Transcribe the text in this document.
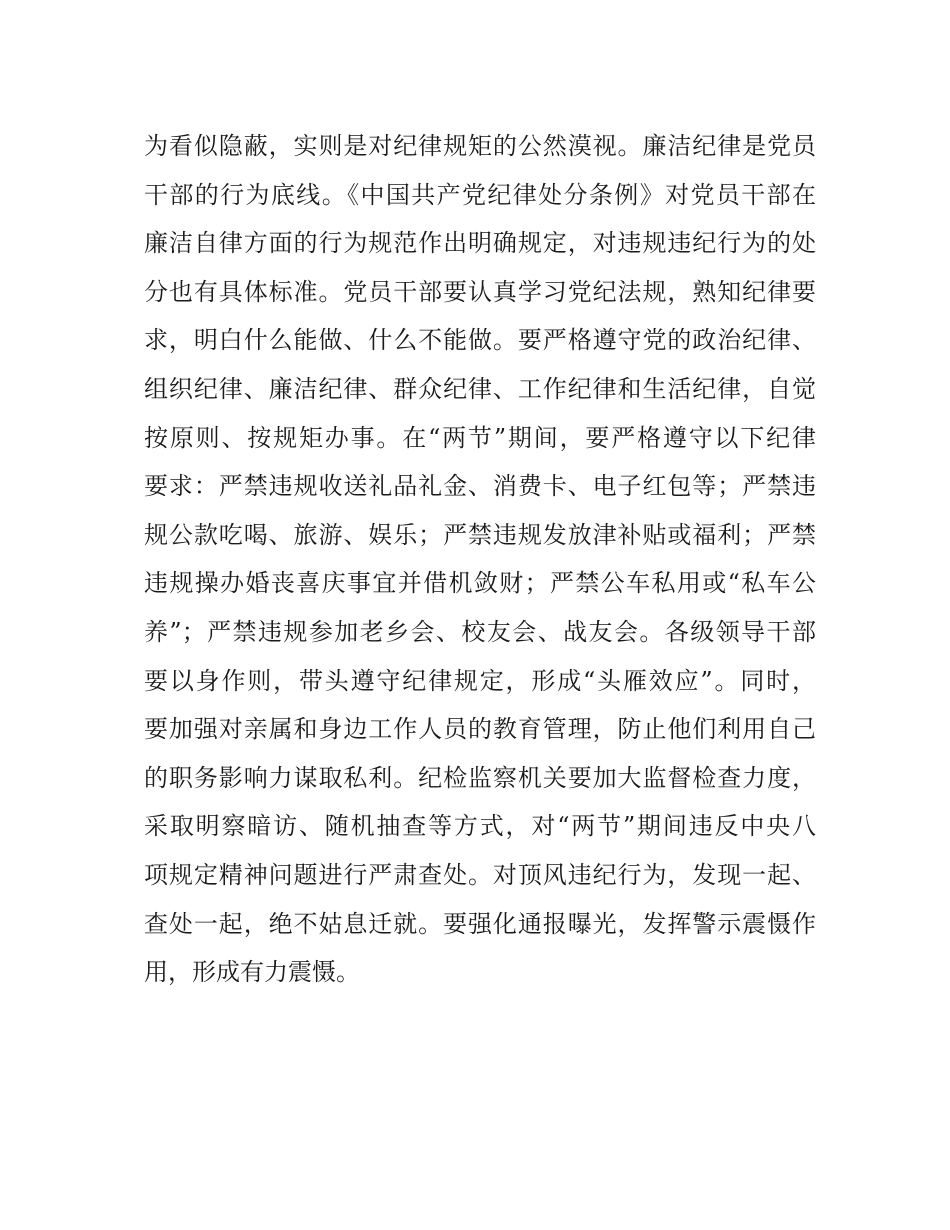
为看似隐蔽，实则是对纪律规矩的公然漠视。廉洁纪律是党员
干部的行为底线。《中国共产党纪律处分条例》对党员干部在
廉洁自律方面的行为规范作出明确规定，对违规违纪行为的处
分也有具体标准。党员干部要认真学习党纪法规，熟知纪律要
求，明白什么能做、什么不能做。要严格遵守党的政治纪律、
组织纪律、廉洁纪律、群众纪律、工作纪律和生活纪律，自觉
按原则、按规矩办事。在“两节”期间，要严格遵守以下纪律
要求：严禁违规收送礼品礼金、消费卡、电子红包等；严禁违
规公款吃喝、旅游、娱乐；严禁违规发放津补贴或福利；严禁
违规操办婚丧喜庆事宜并借机敛财；严禁公车私用或“私车公
养”；严禁违规参加老乡会、校友会、战友会。各级领导干部
要以身作则，带头遵守纪律规定，形成“头雁效应”。同时，
要加强对亲属和身边工作人员的教育管理，防止他们利用自己
的职务影响力谋取私利。纪检监察机关要加大监督检查力度，
采取明察暗访、随机抽查等方式，对“两节”期间违反中央八
项规定精神问题进行严肃查处。对顶风违纪行为，发现一起、
查处一起，绝不姑息迁就。要强化通报曝光，发挥警示震慑作
用，形成有力震慑。
